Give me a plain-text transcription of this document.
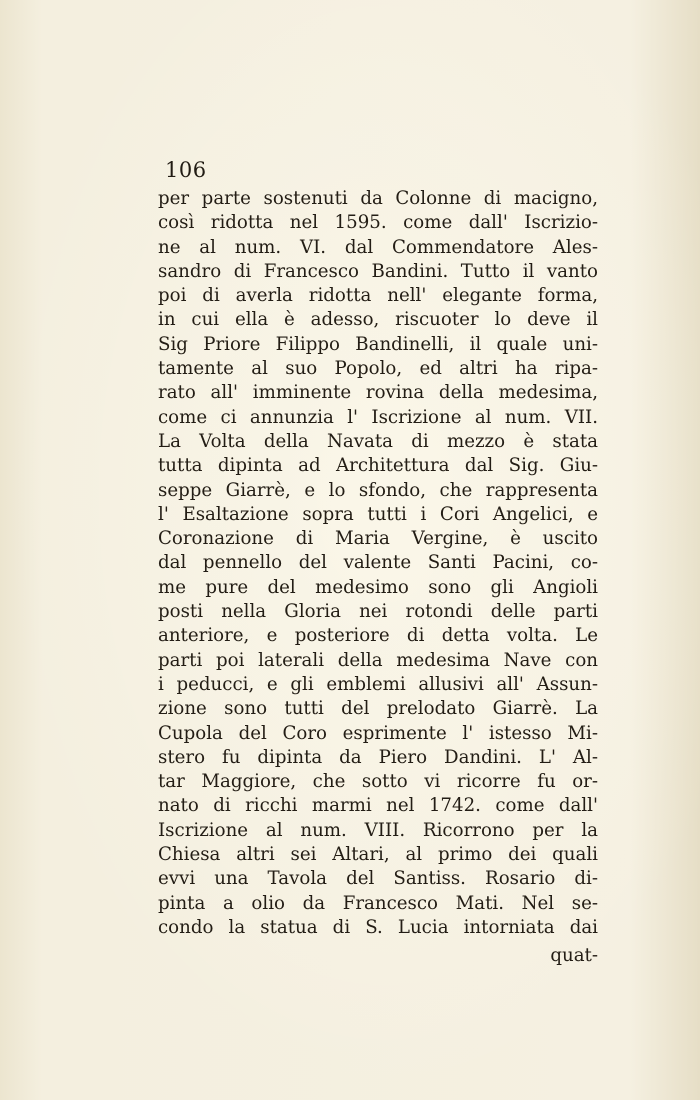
106
per parte sostenuti da Colonne di macigno,
così ridotta nel 1595. come dall' Iscrizio-
ne al num. VI. dal Commendatore Ales-
sandro di Francesco Bandini. Tutto il vanto
poi di averla ridotta nell' elegante forma,
in cui ella è adesso, riscuoter lo deve il
Sig Priore Filippo Bandinelli, il quale uni-
tamente al suo Popolo, ed altri ha ripa-
rato all' imminente rovina della medesima,
come ci annunzia l' Iscrizione al num. VII.
La Volta della Navata di mezzo è stata
tutta dipinta ad Architettura dal Sig. Giu-
seppe Giarrè, e lo sfondo, che rappresenta
l' Esaltazione sopra tutti i Cori Angelici, e
Coronazione di Maria Vergine, è uscito
dal pennello del valente Santi Pacini, co-
me pure del medesimo sono gli Angioli
posti nella Gloria nei rotondi delle parti
anteriore, e posteriore di detta volta. Le
parti poi laterali della medesima Nave con
i peducci, e gli emblemi allusivi all' Assun-
zione sono tutti del prelodato Giarrè. La
Cupola del Coro esprimente l' istesso Mi-
stero fu dipinta da Piero Dandini. L' Al-
tar Maggiore, che sotto vi ricorre fu or-
nato di ricchi marmi nel 1742. come dall'
Iscrizione al num. VIII. Ricorrono per la
Chiesa altri sei Altari, al primo dei quali
evvi una Tavola del Santiss. Rosario di-
pinta a olio da Francesco Mati. Nel se-
condo la statua di S. Lucia intorniata dai
quat-
